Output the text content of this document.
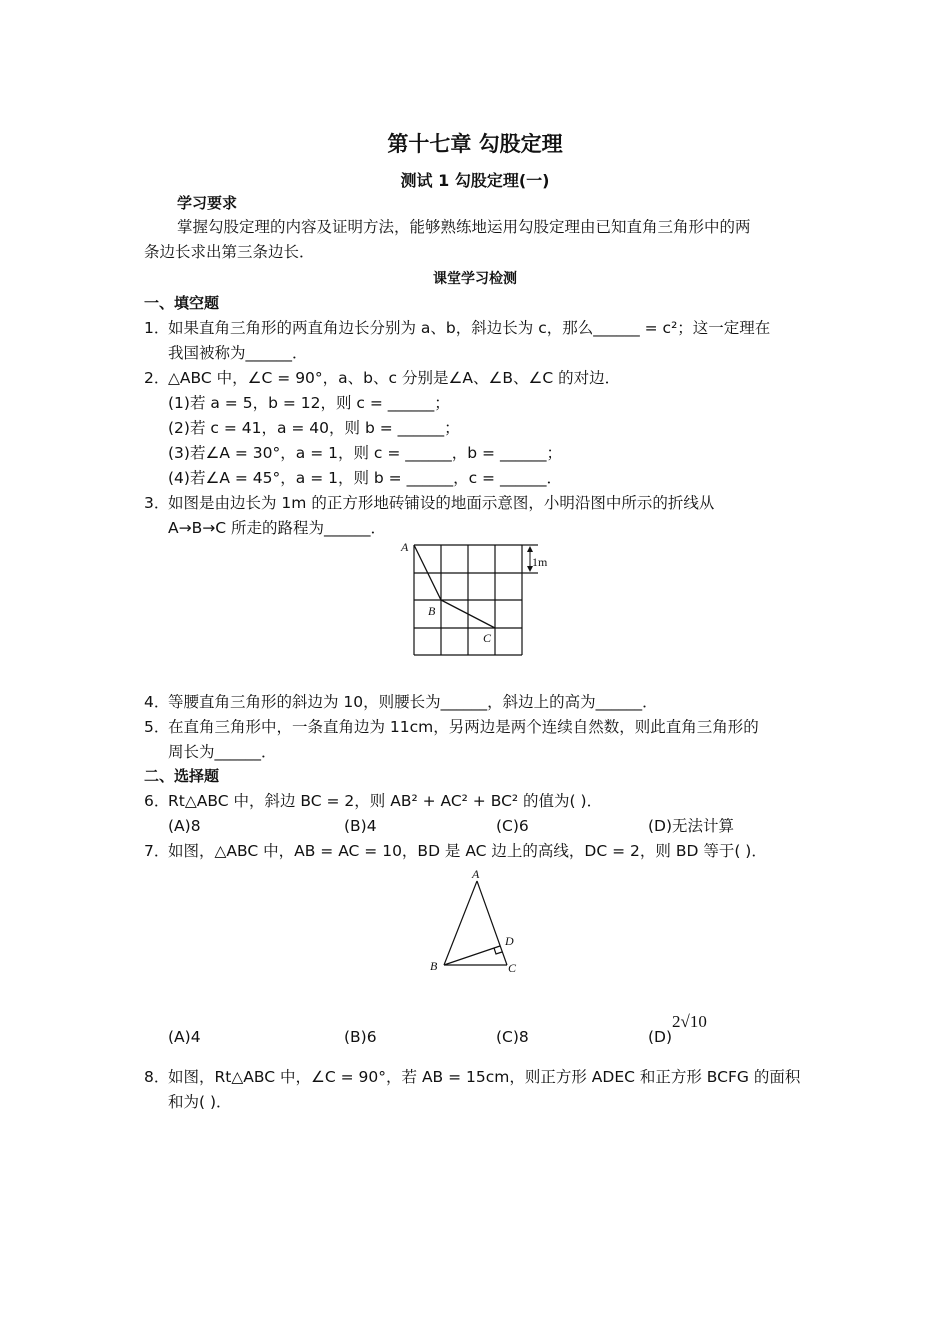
第十七章 勾股定理
测试 1 勾股定理(一)
学习要求
掌握勾股定理的内容及证明方法，能够熟练地运用勾股定理由已知直角三角形中的两
条边长求出第三条边长．
课堂学习检测
一、填空题
1．
如果直角三角形的两直角边长分别为 a、b，斜边长为 c，那么______ = c²；这一定理在
我国被称为______．
2．
△ABC 中，∠C = 90°，a、b、c 分别是∠A、∠B、∠C 的对边．
(1)若 a = 5，b = 12，则 c = ______；
(2)若 c = 41，a = 40，则 b = ______；
(3)若∠A = 30°，a = 1，则 c = ______，b = ______；
(4)若∠A = 45°，a = 1，则 b = ______，c = ______．
3．
如图是由边长为 1m 的正方形地砖铺设的地面示意图，小明沿图中所示的折线从
A→B→C 所走的路程为______．
1m
A
B
C
4．
等腰直角三角形的斜边为 10，则腰长为______，斜边上的高为______．
5．
在直角三角形中，一条直角边为 11cm，另两边是两个连续自然数，则此直角三角形的
周长为______．
二、选择题
6．
Rt△ABC 中，斜边 BC = 2，则 AB² + AC² + BC² 的值为( )．
(A)8	(B)4	(C)6	(D)无法计算
7．
如图，△ABC 中，AB = AC = 10，BD 是 AC 边上的高线，DC = 2，则 BD 等于( )．
A
B	C
D
(A)4	(B)6	(C)8	(D)
2√10
8．
如图，Rt△ABC 中，∠C = 90°，若 AB = 15cm，则正方形 ADEC 和正方形 BCFG 的面积
和为( )．
